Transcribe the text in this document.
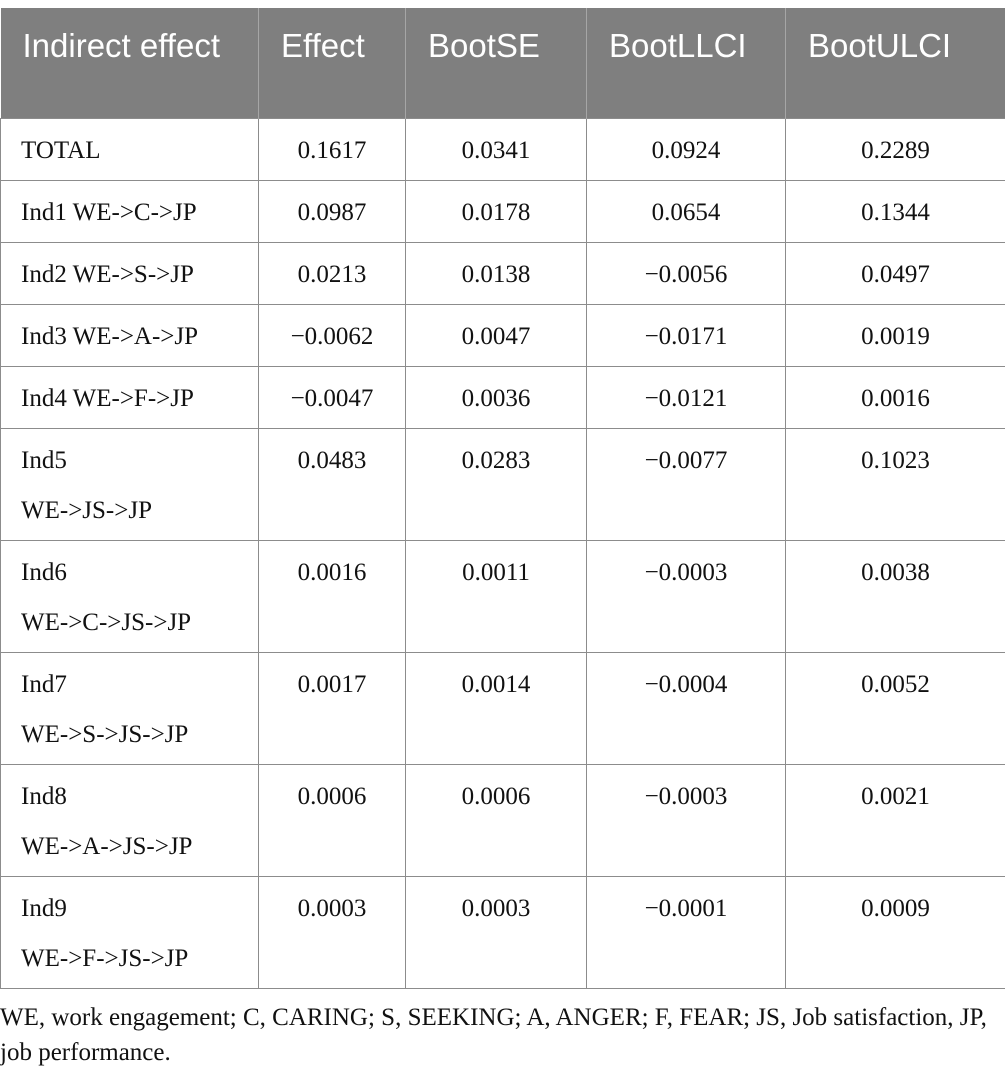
Indirect effect	Effect	BootSE	BootLLCI	BootULCI
TOTAL	0.1617	0.0341	0.0924	0.2289
Ind1 WE->C->JP	0.0987	0.0178	0.0654	0.1344
Ind2 WE->S->JP	0.0213	0.0138	−0.0056	0.0497
Ind3 WE->A->JP	−0.0062	0.0047	−0.0171	0.0019
Ind4 WE->F->JP	−0.0047	0.0036	−0.0121	0.0016
Ind5
WE->JS->JP	0.0483	0.0283	−0.0077	0.1023
Ind6
WE->C->JS->JP	0.0016	0.0011	−0.0003	0.0038
Ind7
WE->S->JS->JP	0.0017	0.0014	−0.0004	0.0052
Ind8
WE->A->JS->JP	0.0006	0.0006	−0.0003	0.0021
Ind9
WE->F->JS->JP	0.0003	0.0003	−0.0001	0.0009

WE, work engagement; C, CARING; S, SEEKING; A, ANGER; F, FEAR; JS, Job satisfaction, JP, job performance.
